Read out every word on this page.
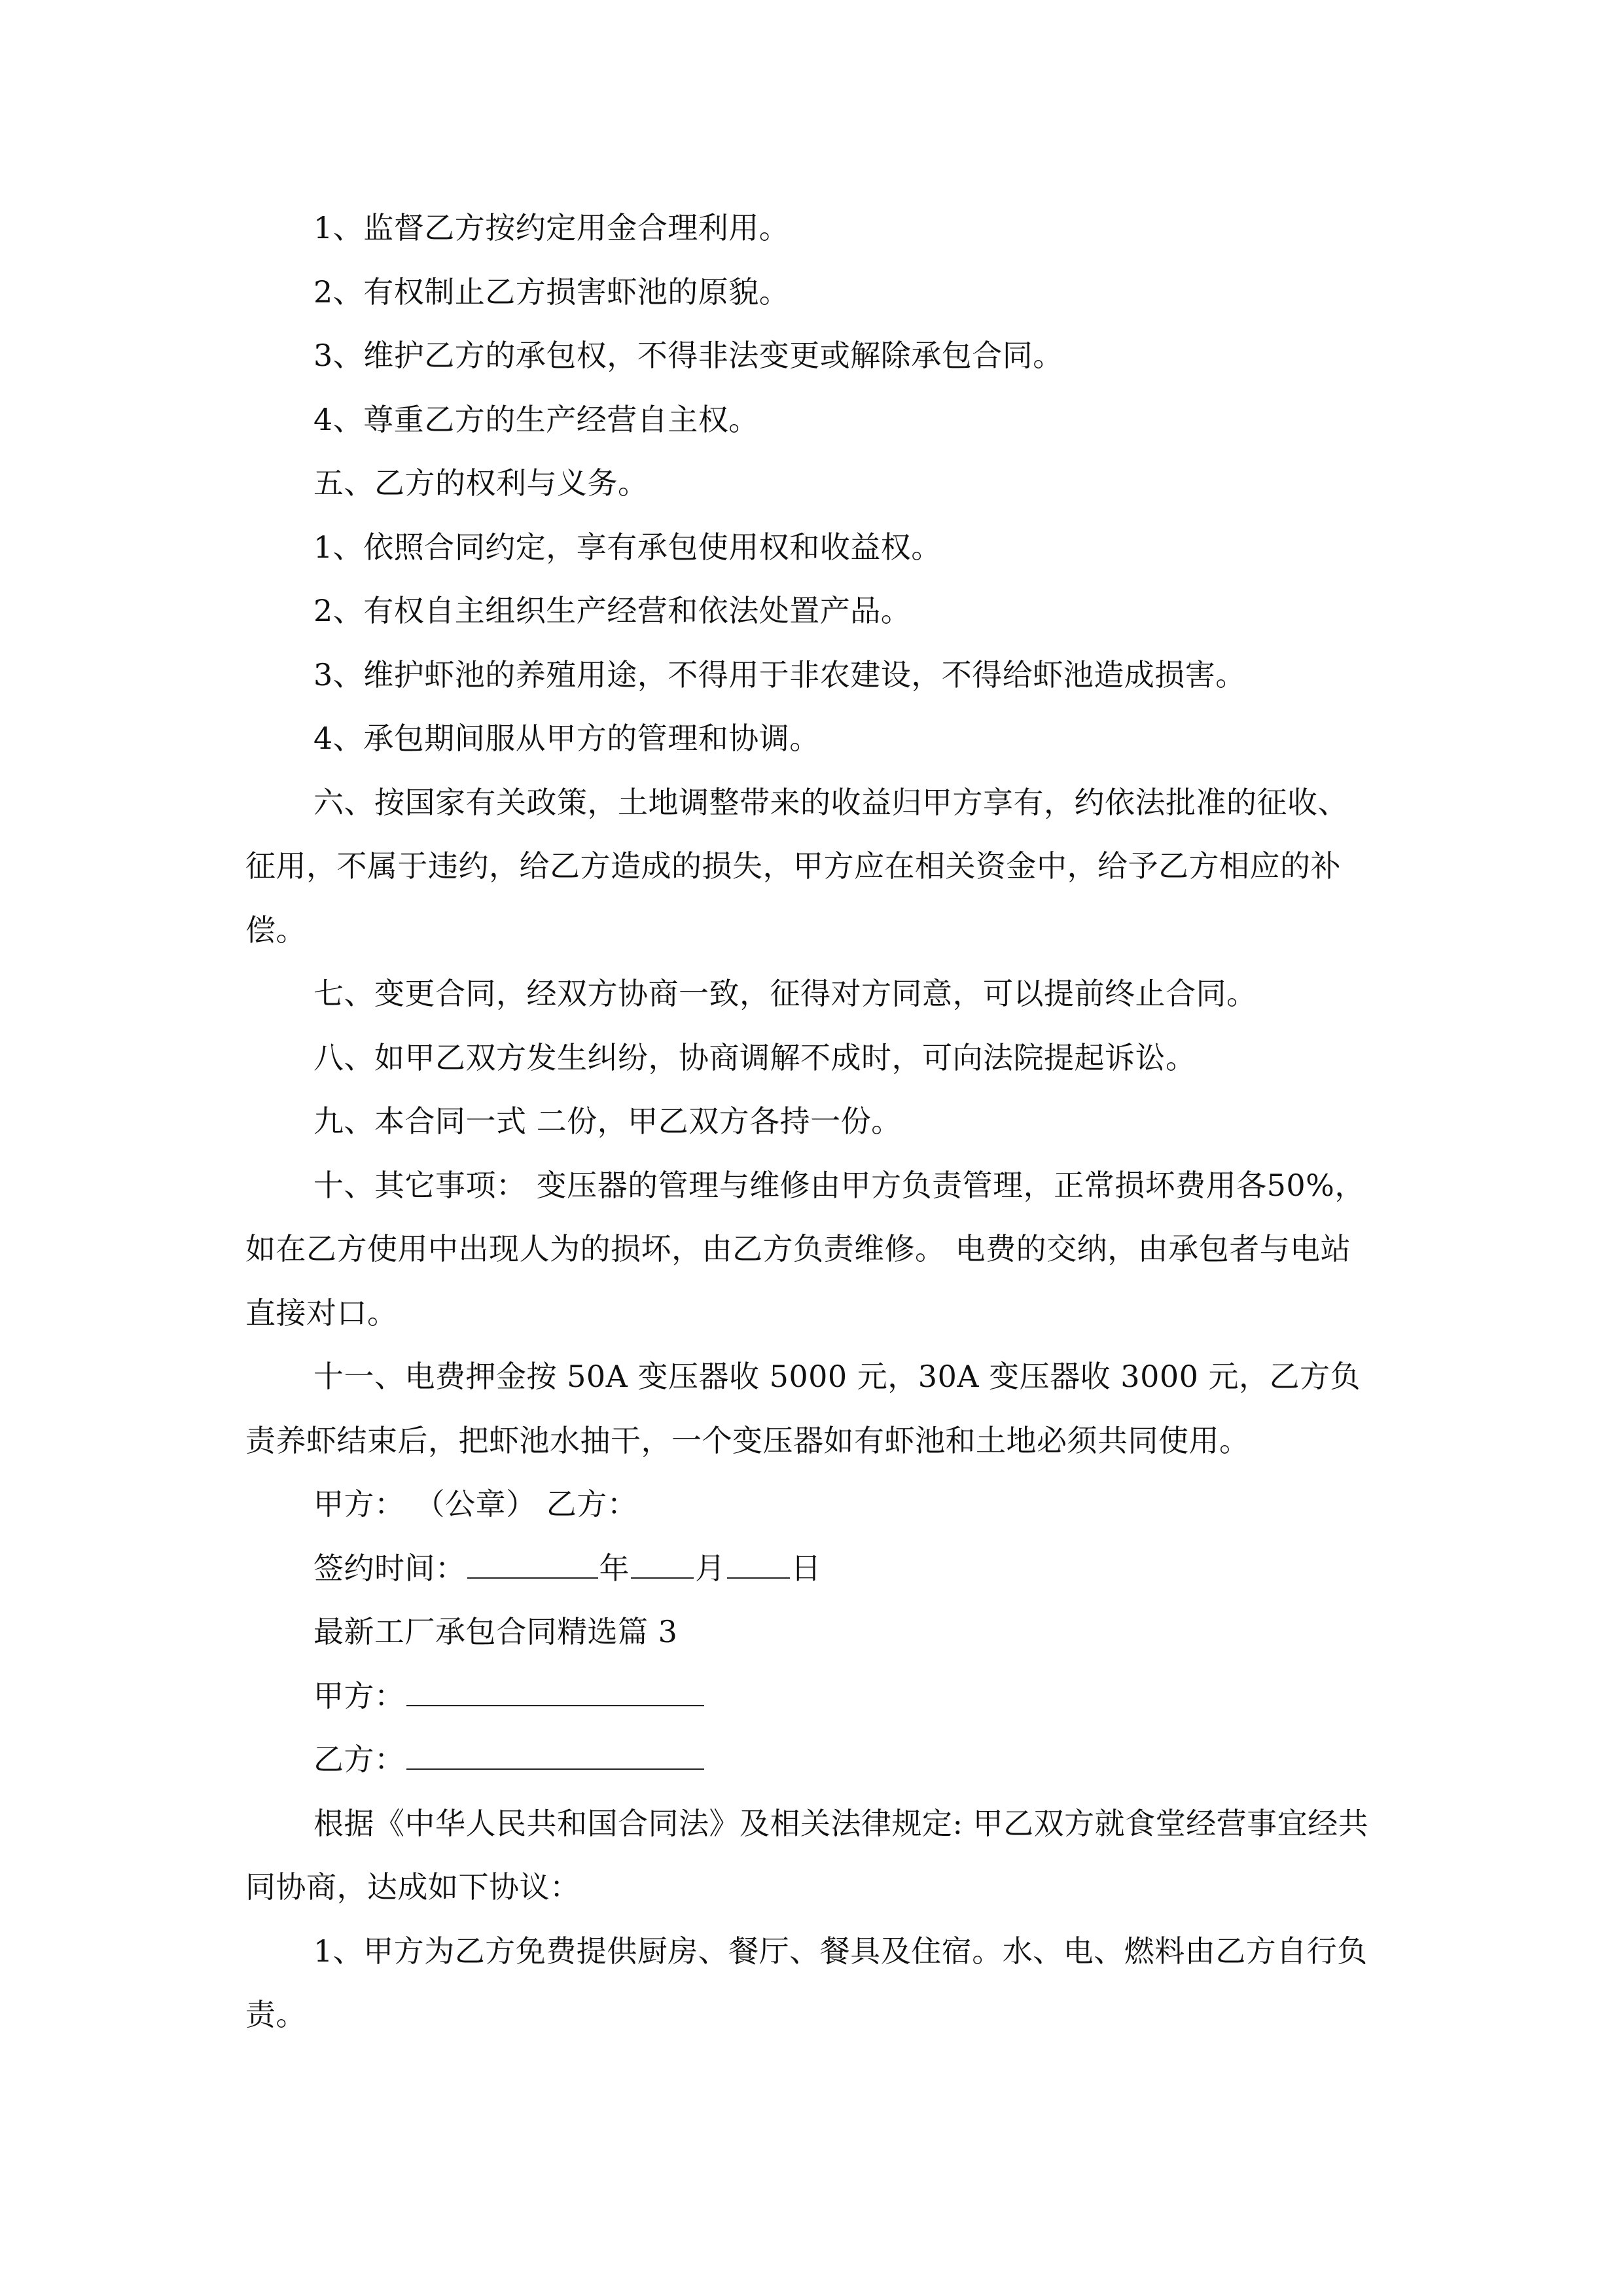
1、监督乙方按约定用金合理利用。

2、有权制止乙方损害虾池的原貌。

3、维护乙方的承包权，不得非法变更或解除承包合同。

4、尊重乙方的生产经营自主权。

五、乙方的权利与义务。

1、依照合同约定，享有承包使用权和收益权。

2、有权自主组织生产经营和依法处置产品。

3、维护虾池的养殖用途，不得用于非农建设，不得给虾池造成损害。

4、承包期间服从甲方的管理和协调。

六、按国家有关政策，土地调整带来的收益归甲方享有，约依法批准的征收、征用，不属于违约，给乙方造成的损失，甲方应在相关资金中，给予乙方相应的补偿。

七、变更合同，经双方协商一致，征得对方同意，可以提前终止合同。

八、如甲乙双方发生纠纷，协商调解不成时，可向法院提起诉讼。

九、本合同一式 二份，甲乙双方各持一份。

十、其它事项： 变压器的管理与维修由甲方负责管理，正常损坏费用各50%，如在乙方使用中出现人为的损坏，由乙方负责维修。 电费的交纳，由承包者与电站直接对口。

十一、电费押金按 50A 变压器收 5000 元，30A 变压器收 3000 元，乙方负责养虾结束后，把虾池水抽干，一个变压器如有虾池和土地必须共同使用。

甲方： （公章） 乙方：

签约时间：	年 月 日

最新工厂承包合同精选篇 3

甲方：

乙方：

根据《中华人民共和国合同法》及相关法律规定: 甲乙双方就食堂经营事宜经共同协商，达成如下协议：

1、甲方为乙方免费提供厨房、餐厅、餐具及住宿。水、电、燃料由乙方自行负责。
